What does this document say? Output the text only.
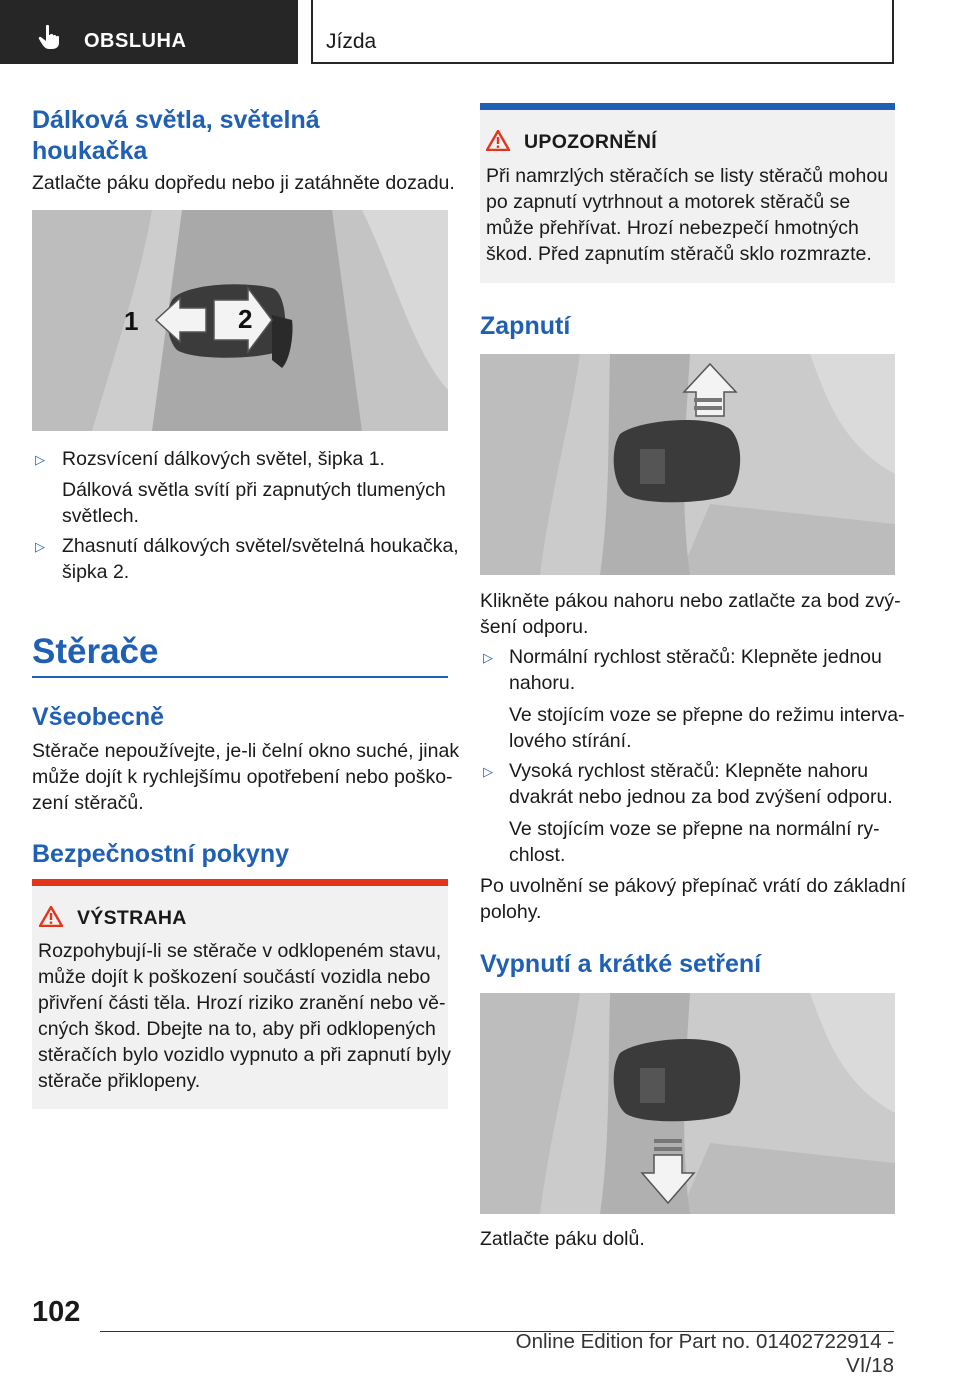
OBSLUHA	Jízda
Dálková světla, světelná
houkačka
Zatlačte páku dopředu nebo ji zatáhněte dozadu.
1	2
▷ Rozsvícení dálkových světel, šipka 1.
Dálková světla svítí při zapnutých tlumených
světlech.
▷ Zhasnutí dálkových světel/světelná houkačka,
šipka 2.
Stěrače
Všeobecně
Stěrače nepoužívejte, je-li čelní okno suché, jinak
může dojít k rychlejšímu opotřebení nebo poško-
zení stěračů.
Bezpečnostní pokyny
VÝSTRAHA
Rozpohybují-li se stěrače v odklopeném stavu,
může dojít k poškození součástí vozidla nebo
přivření části těla. Hrozí riziko zranění nebo vě-
cných škod. Dbejte na to, aby při odklopených
stěračích bylo vozidlo vypnuto a při zapnutí byly
stěrače přiklopeny.
UPOZORNĚNÍ
Při namrzlých stěračích se listy stěračů mohou
po zapnutí vytrhnout a motorek stěračů se
může přehřívat. Hrozí nebezpečí hmotných
škod. Před zapnutím stěračů sklo rozmrazte.
Zapnutí
Klikněte pákou nahoru nebo zatlačte za bod zvý-
šení odporu.
▷ Normální rychlost stěračů: Klepněte jednou
nahoru.
Ve stojícím voze se přepne do režimu interva-
lového stírání.
▷ Vysoká rychlost stěračů: Klepněte nahoru
dvakrát nebo jednou za bod zvýšení odporu.
Ve stojícím voze se přepne na normální ry-
chlost.
Po uvolnění se pákový přepínač vrátí do základní
polohy.
Vypnutí a krátké setření
Zatlačte páku dolů.
102
Online Edition for Part no. 01402722914 - VI/18
